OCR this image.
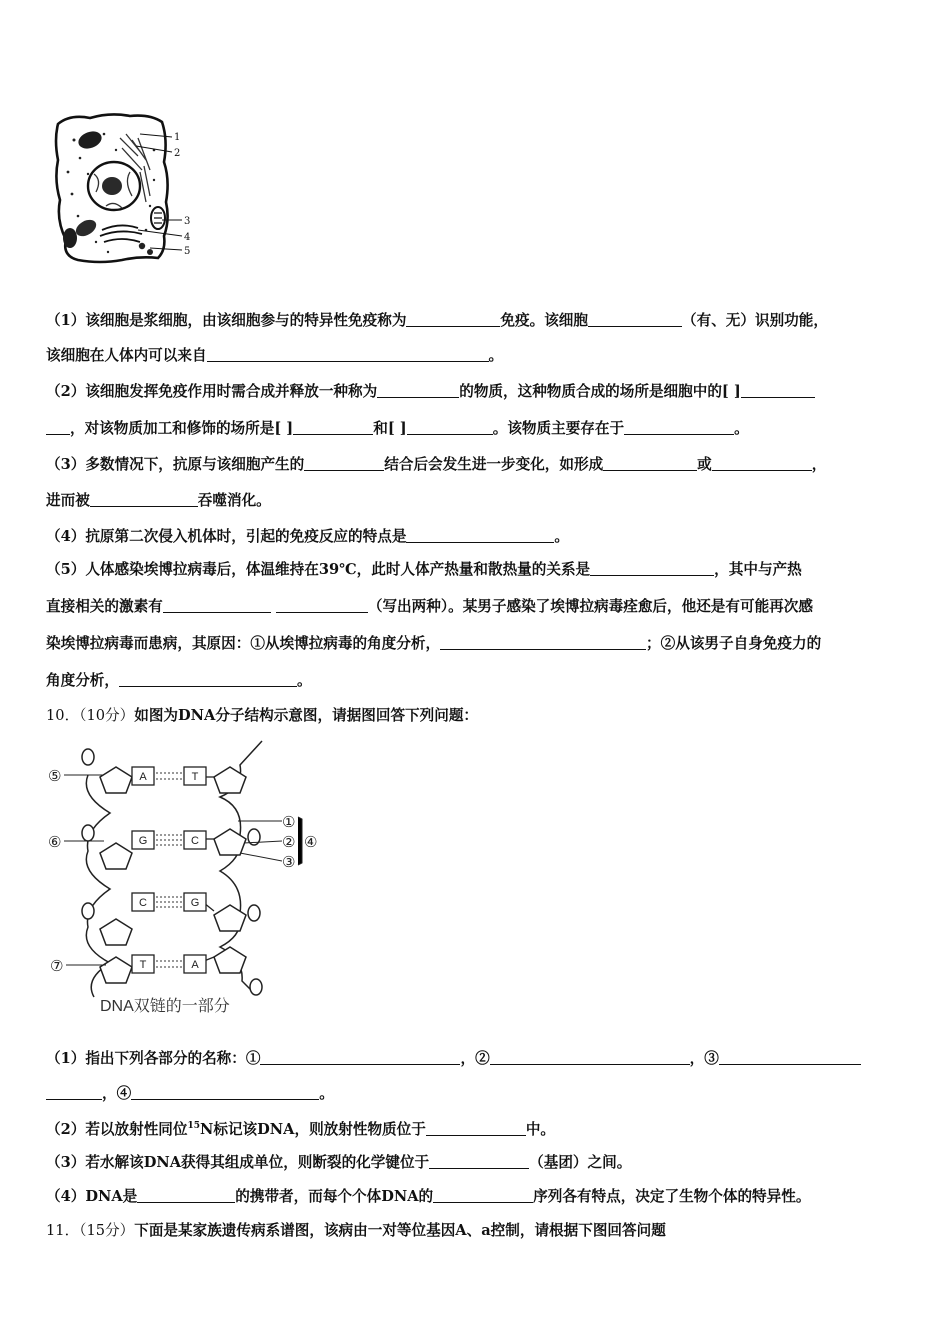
1
2
3
4
5
（1）该细胞是浆细胞，由该细胞参与的特异性免疫称为	免疫。该细胞	（有、无）识别功能，
该细胞在人体内可以来自	。
（2）该细胞发挥免疫作用时需合成并释放一种称为	的物质，这种物质合成的场所是细胞中的[ ]
，对该物质加工和修饰的场所是[ ]	和[ ]	。该物质主要存在于	。
（3）多数情况下，抗原与该细胞产生的	结合后会发生进一步变化，如形成	或	，
进而被	吞噬消化。
（4）抗原第二次侵入机体时，引起的免疫反应的特点是	。
（5）人体感染埃博拉病毒后，体温维持在39℃，此时人体产热量和散热量的关系是	，其中与产热
直接相关的激素有	（写出两种）。某男子感染了埃博拉病毒痊愈后，他还是有可能再次感
染埃博拉病毒而患病，其原因：①从埃博拉病毒的角度分析，	；②从该男子自身免疫力的
角度分析，	。
10．（10分）如图为DNA分子结构示意图，请据图回答下列问题：
A	T
G	C
C	G
T	A
⑤
⑥
⑦
①
②
③
④
DNA双链的一部分
（1）指出下列各部分的名称：①	，②	，③
，④	。
（2）若以放射性同位$^{15}$N标记该DNA，则放射性物质位于	中。
（3）若水解该DNA获得其组成单位，则断裂的化学键位于	（基团）之间。
（4）DNA是	的携带者，而每个个体DNA的	序列各有特点，决定了生物个体的特异性。
11．（15分）下面是某家族遗传病系谱图，该病由一对等位基因A、a控制，请根据下图回答问题
